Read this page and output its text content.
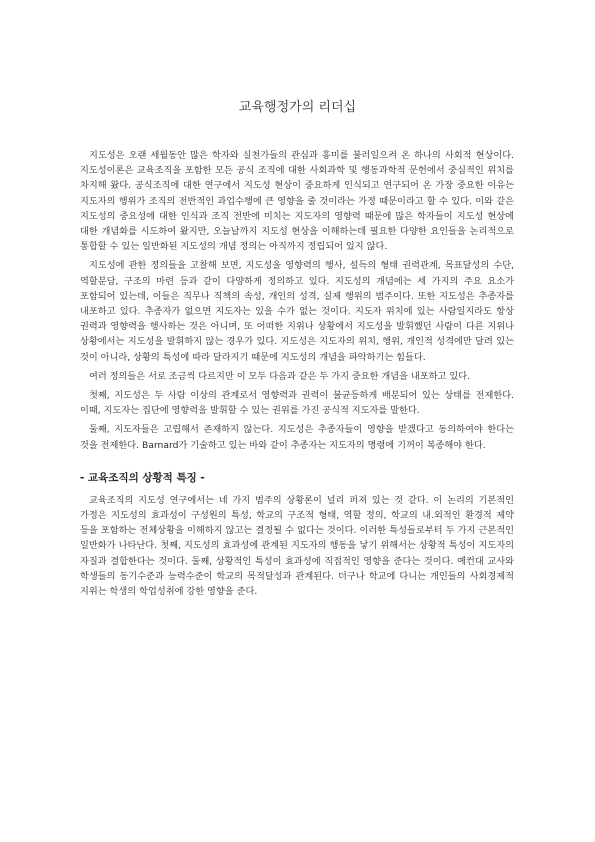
교육행정가의 리더십

지도성은 오랜 세월동안 많은 학자와 실천가들의 관심과 흥미를 불러일으켜 온 하나의 사회적 현상이다. 지도성이론은 교육조직을 포함한 모든 공식 조직에 대한 사회과학 및 행동과학적 문헌에서 중심적인 위치를 차지해 왔다. 공식조직에 대한 연구에서 지도성 현상이 중요하게 인식되고 연구되어 온 가장 중요한 이유는 지도자의 행위가 조직의 전반적인 과업수행에 큰 영향을 줄 것이라는 가정 때문이라고 할 수 있다. 이와 같은 지도성의 중요성에 대한 인식과 조직 전반에 미치는 지도자의 영향력 때문에 많은 학자들이 지도성 현상에 대한 개념화를 시도하여 왔지만, 오늘날까지 지도성 현상을 이해하는데 필요한 다양한 요인들을 논리적으로 통합할 수 있는 일반화된 지도성의 개념 정의는 아직까지 정립되어 있지 않다.

지도성에 관한 정의들을 고찰해 보면, 지도성을 영향력의 행사, 설득의 형태 권력관계, 목표달성의 수단, 역할분담, 구조의 마련 등과 같이 다양하게 정의하고 있다. 지도성의 개념에는 세 가지의 주요 요소가 포함되어 있는데, 이들은 직무나 직책의 속성, 개인의 성격, 실제 행위의 범주이다. 또한 지도성은 추종자를 내포하고 있다. 추종자가 없으면 지도자는 있을 수가 없는 것이다. 지도자 위치에 있는 사람일지라도 항상 권력과 영향력을 행사하는 것은 아니며, 또 어떠한 지위나 상황에서 지도성을 발휘했던 사람이 다른 지위나 상황에서는 지도성을 발휘하지 않는 경우가 있다. 지도성은 지도자의 위치, 행위, 개인적 성격에만 달려 있는 것이 아니라, 상황의 특성에 따라 달라지기 때문에 지도성의 개념을 파악하기는 힘들다.

여러 정의들은 서로 조금씩 다르지만 이 모두 다음과 같은 두 가지 중요한 개념을 내포하고 있다.

첫째, 지도성은 두 사람 이상의 관계로서 영향력과 권력이 불균등하게 배분되어 있는 상태를 전제한다. 이때, 지도자는 집단에 영향력을 발휘할 수 있는 권위를 가진 공식적 지도자를 말한다.

둘째, 지도자들은 고립해서 존재하지 않는다. 지도성은 추종자들이 영향을 받겠다고 동의하여야 한다는 것을 전제한다. Barnard가 기술하고 있는 바와 같이 추종자는 지도자의 명령에 기꺼이 복종해야 한다.

- 교육조직의 상황적 특징 -

교육조직의 지도성 연구에서는 네 가지 범주의 상황론이 널리 퍼져 있는 것 같다. 이 논리의 기본적인 가정은 지도성의 효과성이 구성원의 특성, 학교의 구조적 형태, 역할 정의, 학교의 내.외적인 환경적 제약 등을 포함하는 전체상황을 이해하지 않고는 결정될 수 없다는 것이다. 이러한 특성들로부터 두 가지 근본적인 일반화가 나타난다. 첫째, 지도성의 효과성에 관계된 지도자의 행동을 낳기 위해서는 상황적 특성이 지도자의 자질과 결합한다는 것이다. 둘째, 상황적인 특성이 효과성에 직접적인 영향을 준다는 것이다. 예컨대 교사와 학생들의 동기수준과 능력수준이 학교의 목적달성과 관계된다. 더구나 학교에 다니는 개인들의 사회경제적 지위는 학생의 학업성취에 강한 영향을 준다.
